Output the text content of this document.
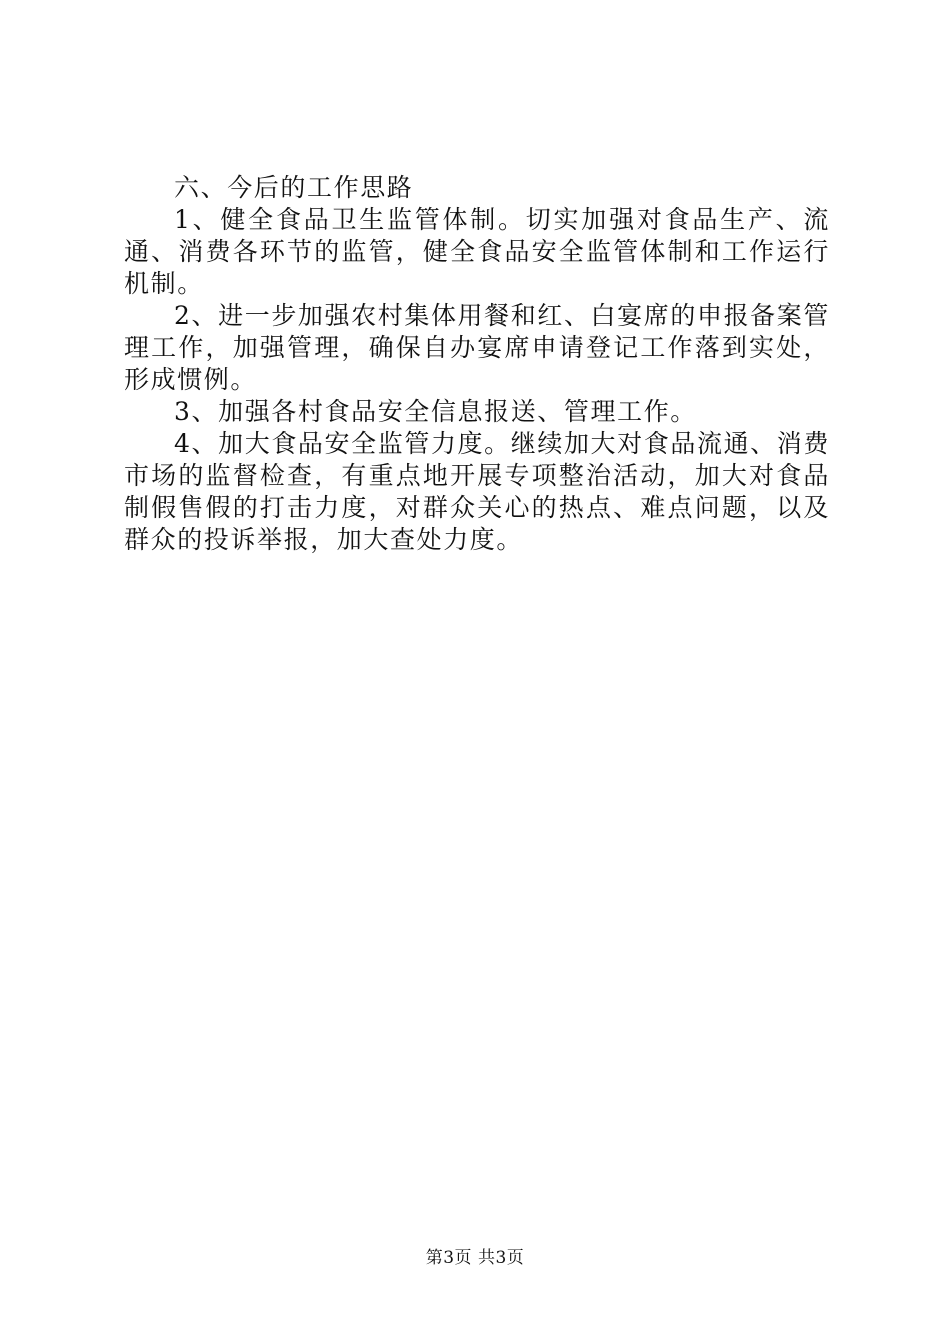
六、今后的工作思路

1、健全食品卫生监管体制。切实加强对食品生产、流通、消费各环节的监管，健全食品安全监管体制和工作运行机制。

2、进一步加强农村集体用餐和红、白宴席的申报备案管理工作，加强管理，确保自办宴席申请登记工作落到实处，形成惯例。

3、加强各村食品安全信息报送、管理工作。

4、加大食品安全监管力度。继续加大对食品流通、消费市场的监督检查，有重点地开展专项整治活动，加大对食品制假售假的打击力度，对群众关心的热点、难点问题，以及群众的投诉举报，加大查处力度。

第3页 共3页
